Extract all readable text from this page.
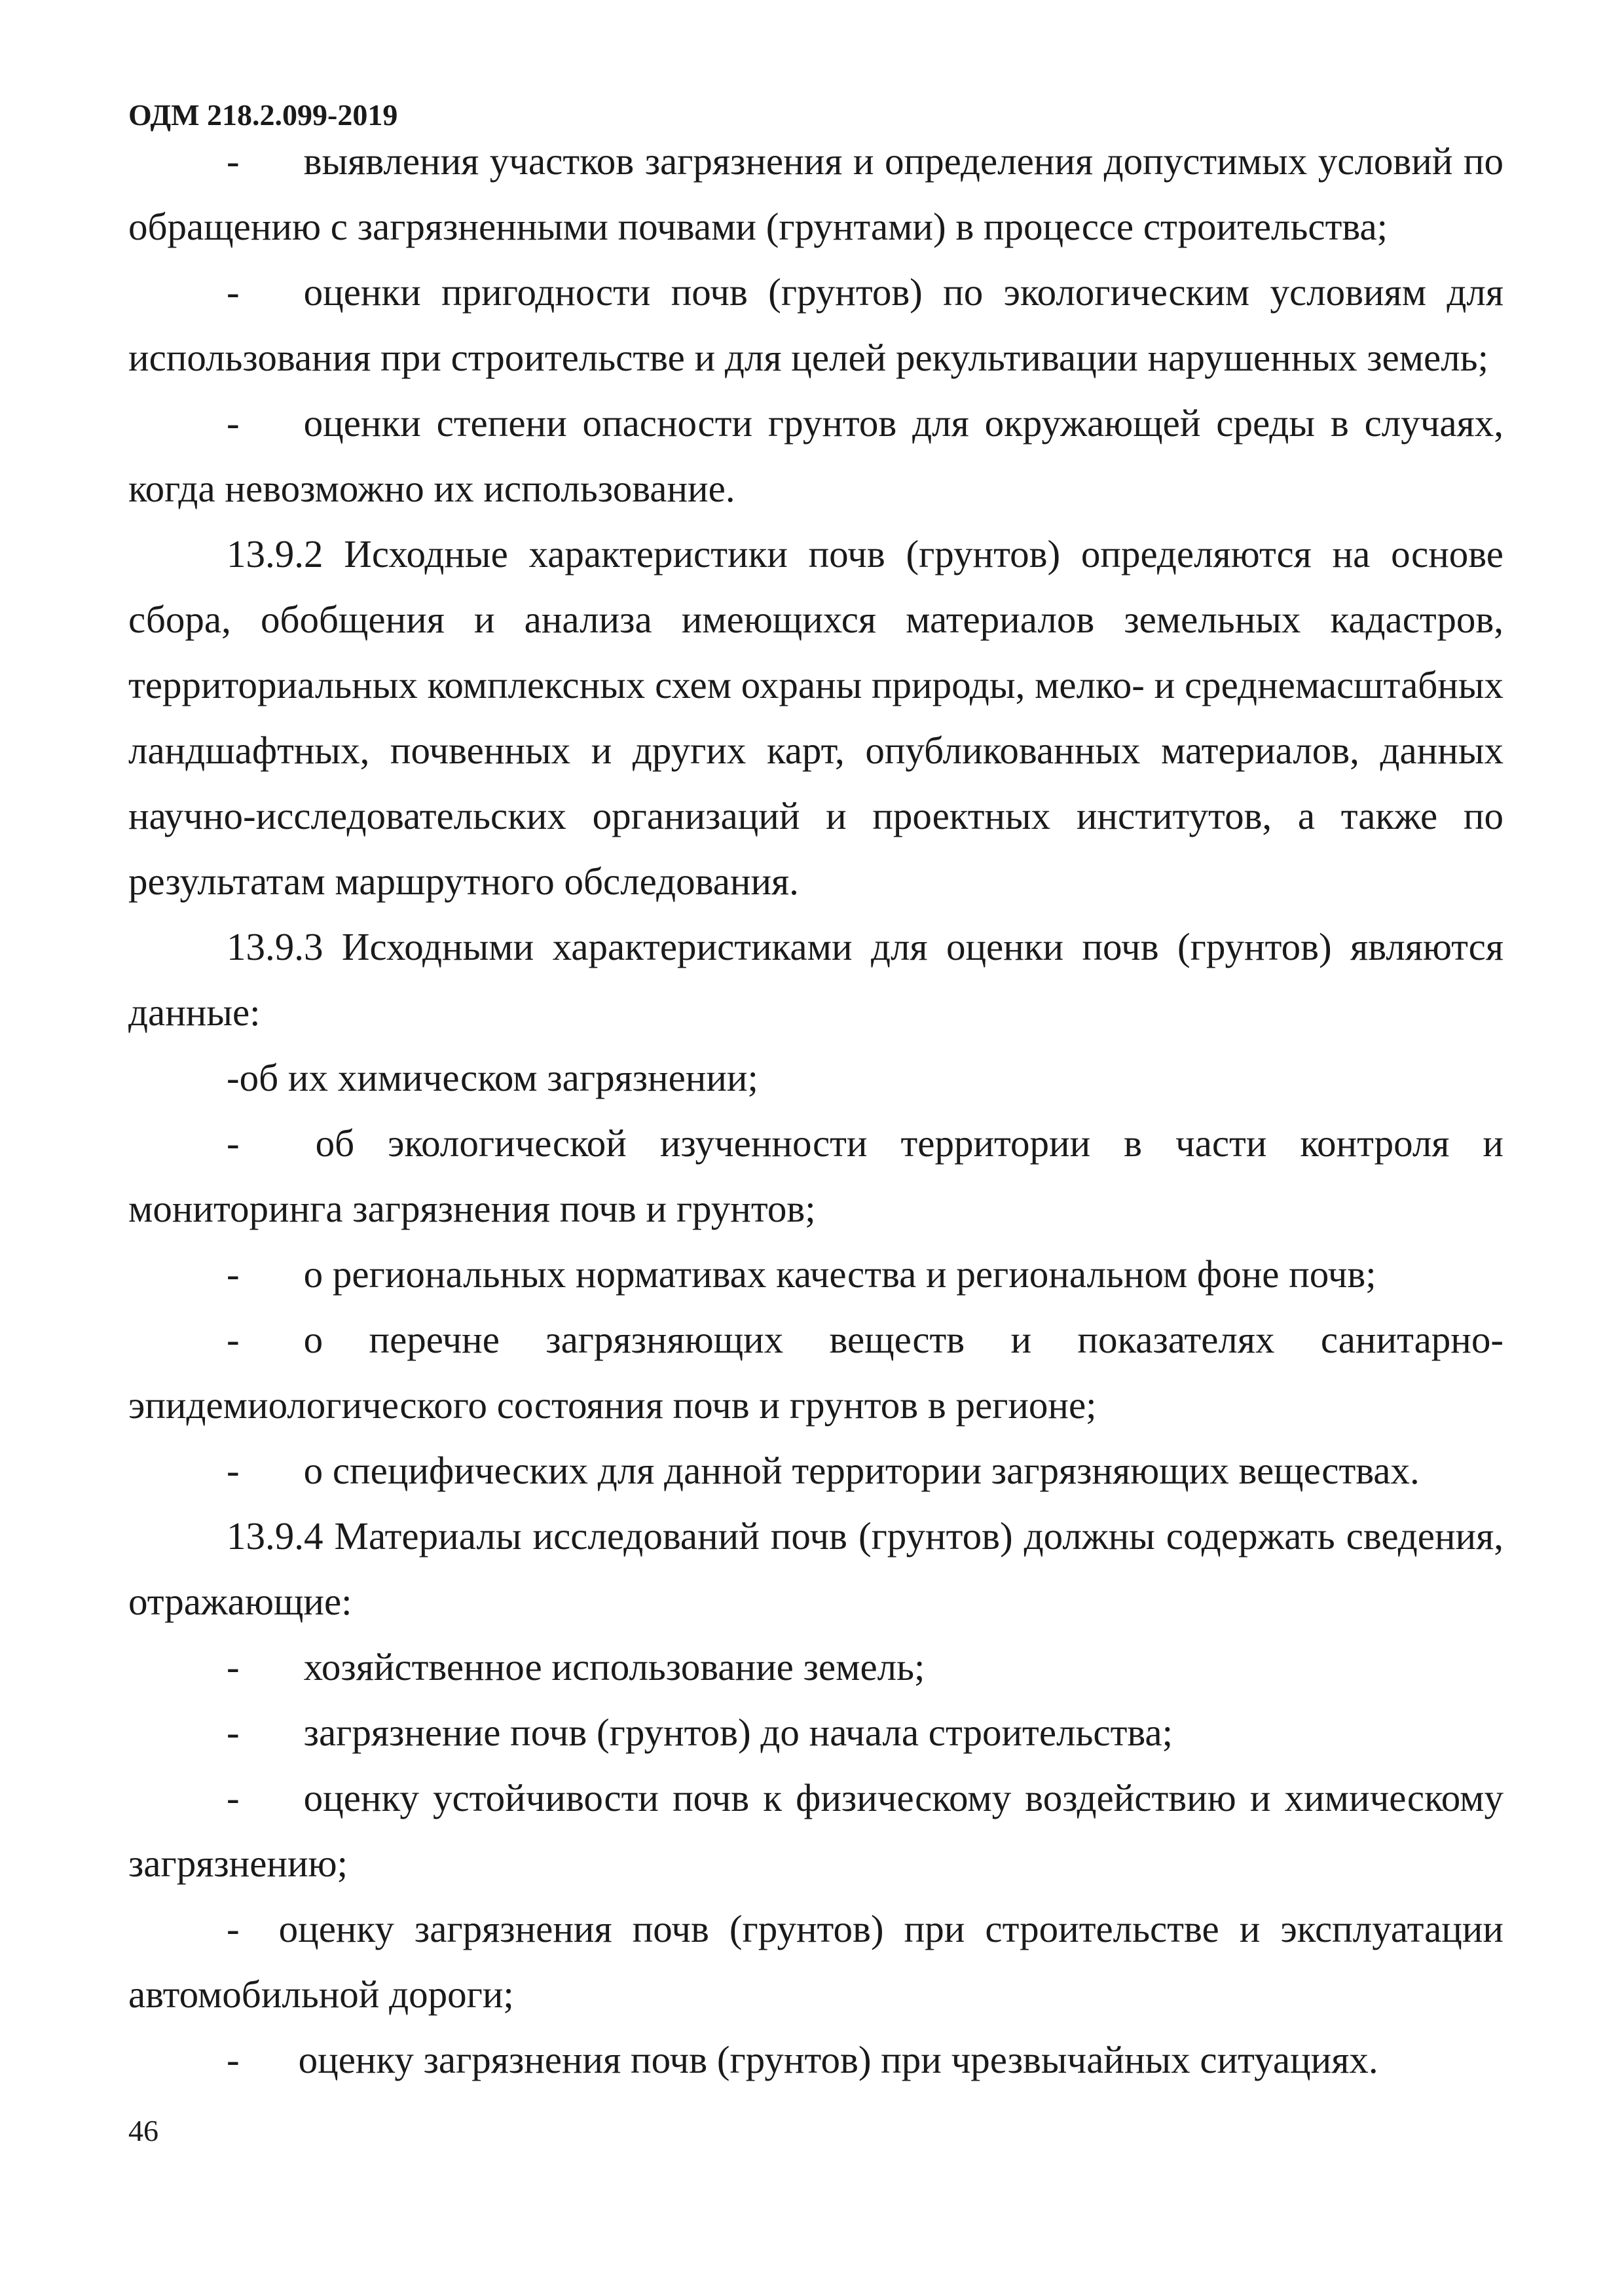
ОДМ 218.2.099-2019

- выявления участков загрязнения и определения допустимых условий по обращению с загрязненными почвами (грунтами) в процессе строительства;

- оценки пригодности почв (грунтов) по экологическим условиям для использования при строительстве и для целей рекультивации нарушенных земель;

- оценки степени опасности грунтов для окружающей среды в случаях, когда невозможно их использование.

13.9.2 Исходные характеристики почв (грунтов) определяются на основе сбора, обобщения и анализа имеющихся материалов земельных кадастров, территориальных комплексных схем охраны природы, мелко- и среднемасштабных ландшафтных, почвенных и других карт, опубликованных материалов, данных научно-исследовательских организаций и проектных институтов, а также по результатам маршрутного обследования.

13.9.3 Исходными характеристиками для оценки почв (грунтов) являются данные:

-об их химическом загрязнении;

- об экологической изученности территории в части контроля и мониторинга загрязнения почв и грунтов;

- о региональных нормативах качества и региональном фоне почв;

- о перечне загрязняющих веществ и показателях санитарно-эпидемиологического состояния почв и грунтов в регионе;

- о специфических для данной территории загрязняющих веществах.

13.9.4 Материалы исследований почв (грунтов) должны содержать сведения, отражающие:

- хозяйственное использование земель;

- загрязнение почв (грунтов) до начала строительства;

- оценку устойчивости почв к физическому воздействию и химическому загрязнению;

- оценку загрязнения почв (грунтов) при строительстве и эксплуатации автомобильной дороги;

- оценку загрязнения почв (грунтов) при чрезвычайных ситуациях.

46
